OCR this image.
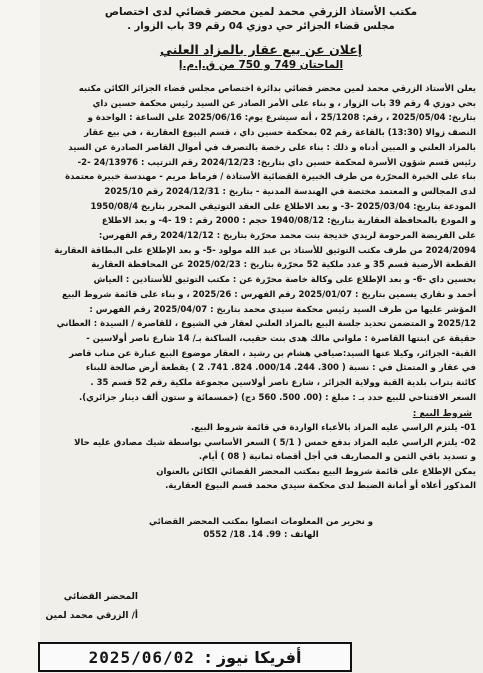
مكتب الأستاذ الزرقي محمد لمين محضر قضائي لدى اختصاص
مجلس قضاء الجزائر حي دوزي 04 رقم 39 باب الزوار .
إعلان عن بيع عقار بالمزاد العلني
الماحتان 749 و 750 من ق.إ.م.إ
يعلن الأستاذ الزرقي محمد لمين محضر قضائي بدائرة اختصاص مجلس قضاء الجزائر الكائن مكتبه
بحي دوزي 4 رقم 39 باب الزوار ، و بناء على الأمر الصادر عن السيد رئيس محكمة حسين داي
بتاريخ: 2025/05/04 ، رقم: 25/1208 ، أنه سيشرع يوم: 2025/06/16 على الساعة : الواحدة و
النصف زوالا (13:30) بالقاعة رقم 02 بمحكمة حسين داي ، قسم البيوع العقارية ، في بيع عقار
بالمزاد العلني و المبين أدناه و ذلك : بناء على رخصة بالتصرف في أموال القاصر الصادرة عن السيد
رئيس قسم شؤون الأسرة لمحكمة حسين داي بتاريخ: 2024/12/23 رقم الترتيب : 24/13976 -2-
بناء على الخبرة المحرّرة من طرف الخبيرة القضائية الأستاذة / فرماط مريم - مهندسة خبيرة معتمدة
لدى المجالس و المعتمد مختصة في الهندسة المدنية - بتاريخ : 2024/12/31 رقم 2025/10
المودعة بتاريخ: 2025/03/04 -3- و بعد الاطلاع على العقد التوثيقي المحرر بتاريخ 1950/08/4
و المودع بالمحافظة العقارية بتاريخ: 1940/08/12 حجم : 2000 رقم : 19 -4- و بعد الاطلاع
على الفريضة المرحومة لريدي خديجة بنت محمد محرّرة بتاريخ : 2024/12/12 رقم الفهرس:
2024/2094 من طرف مكتب التوثيق للأستاذ بن عبد الله مولود -5- و بعد الإطلاع على البطاقة العقارية
القطعة الأرضية قسم 35 و عدد ملكية 52 محرّرة بتاريخ : 2025/02/23 عن المحافظة العقارية
بحسين داي -6- و بعد الإطلاع على وكالة خاصة محرّرة عن : مكتب التوثيق للأستاذين : العياش
أحمد و نقاري يسمين بتاريخ : 2025/01/07 رقم الفهرس : 2025/26 ، و بناء على قائمة شروط البيع
المؤشر عليها من طرف السيد رئيس محكمة سيدي محمد بتاريخ : 2025/04/07 رقم الفهرس :
2025/12 و المتضمن تحديد جلسة البيع بالمزاد العلني لعقار في الشيوع ، للقاصرة / السيدة : العطاني
حقيقة عن ابنتها القاصرة : ملواني مالك هدى بنت حقيب، الساكنة بـ/ 14 شارع ناصر أولاسين -
القبة- الجزائر، وكيلا عنها السيد:صيافي هشام بن رشيد ، العقار موضوع البيع عبارة عن مناب قاصر
في عقار و المتمثل في : نسبة ( 300. 244. 000/14. 824. 741. 2 ) يقطعة أرض صالحة للبناء
كائنة بتراب بلدية القبة وولاية الجزائر ، شارع ناصر أولاسين مجموعة ملكية رقم 52 قسم 35 .
السعر الافتتاحي للبيع حدد بـ : مبلغ : (00. 500. 560 دج) (خمسمائة و ستون ألف دينار جزائري).
شروط البيع :
01- يلتزم الراسي عليه المزاد بالأعباء الواردة في قائمة شروط البيع.
02- يلتزم الراسي عليه المزاد بدفع خمس ( 5/1 ) السعر الأساسي بواسطة شيك مصادق عليه حالا
و تسديد باقي الثمن و المصاريف في أجل أقصاه ثمانية ( 08 ) أيام.
يمكن الإطلاع على قائمة شروط البيع بمكتب المحضر القضائي الكائن بالعنوان
المذكور أعلاه أو أمانة الضبط لدى محكمة سيدي محمد قسم البيوع العقارية.
و نحرير من المعلومات اتصلوا بمكتب المحضر القضائي
الهاتف : 99. 14. 18/ 0552
المحضر القضائي
أ/ الزرقي محمد لمين
أفريكا نيوز :
2025/06/02
